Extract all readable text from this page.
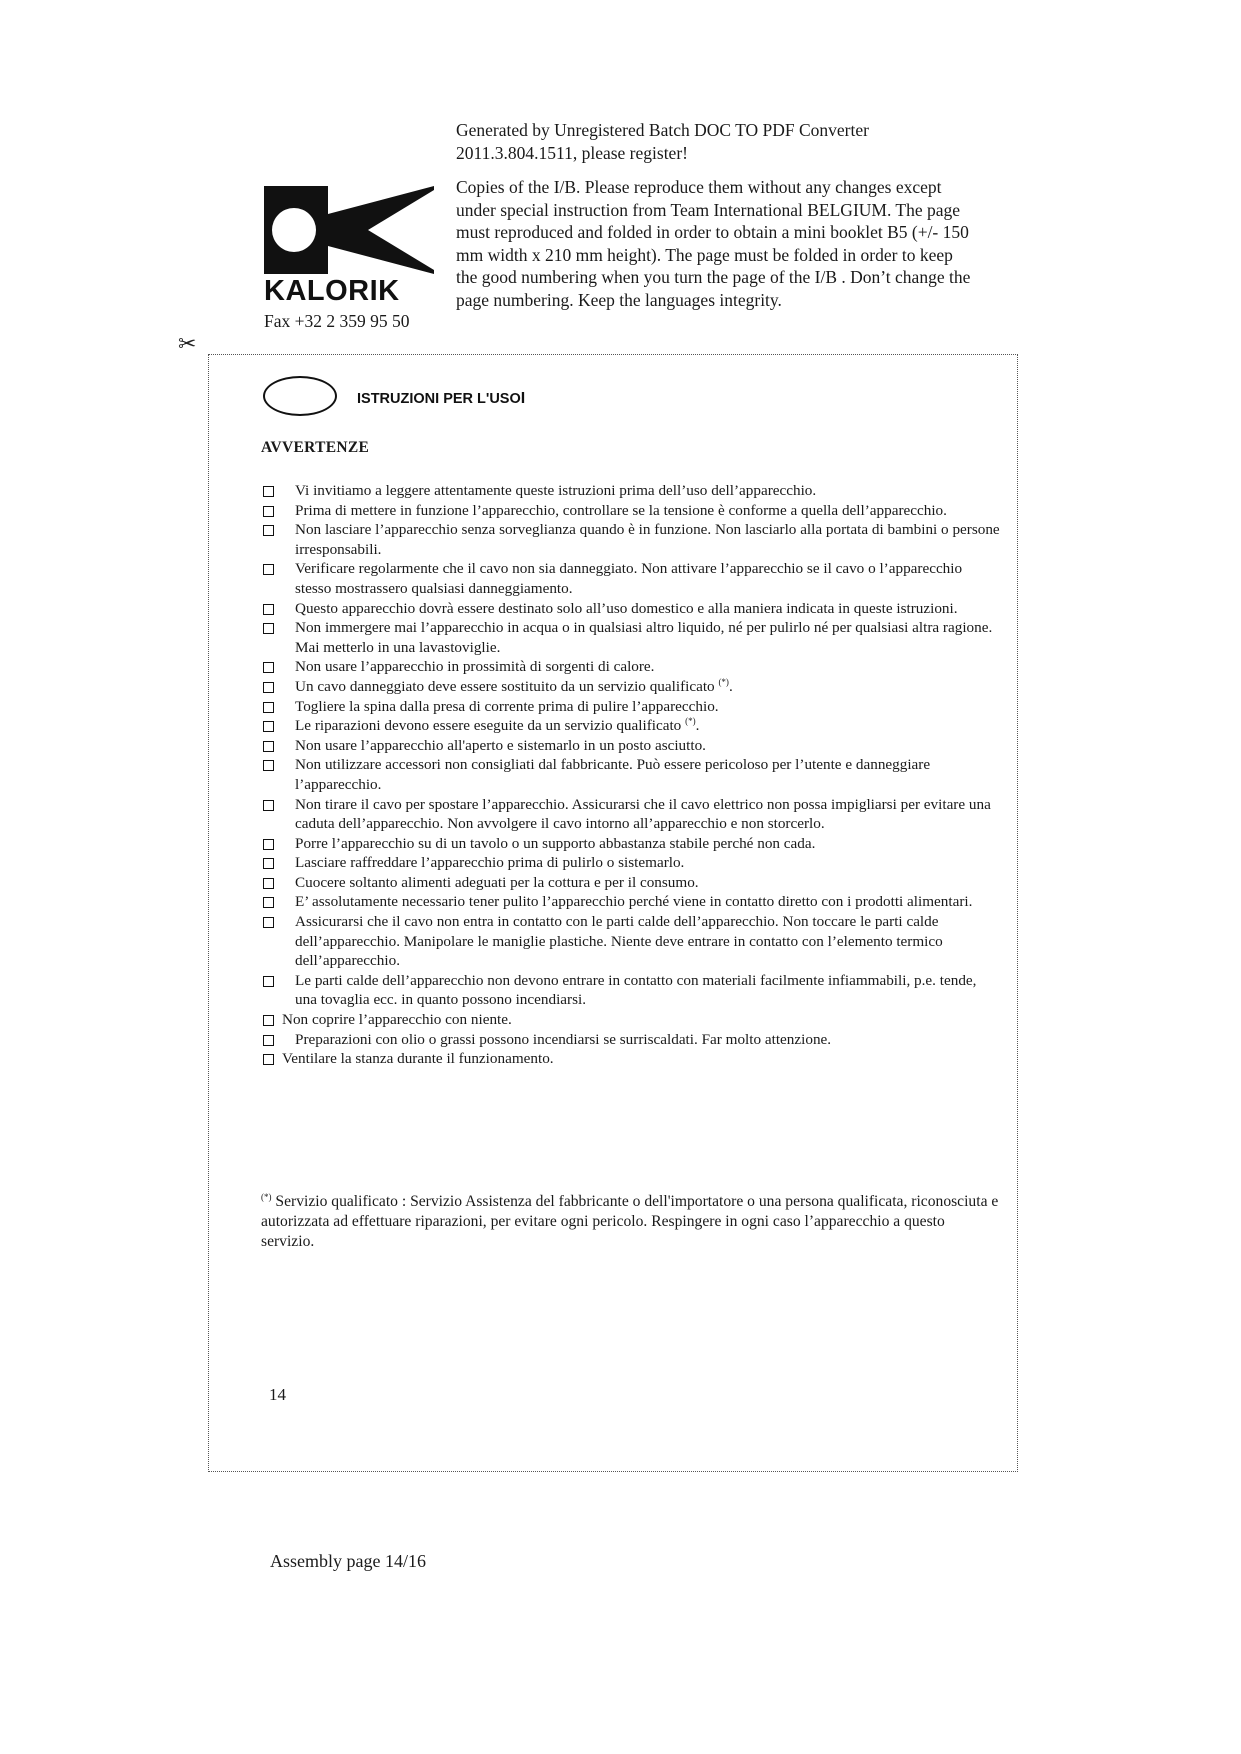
Generated by Unregistered Batch DOC TO PDF Converter

2011.3.804.1511, please register!

Copies of the I/B. Please reproduce them without any changes except under special instruction from Team International BELGIUM. The page must reproduced and folded in order to obtain a mini booklet B5 (+/- 150 mm width x 210 mm height). The page must be folded in order to keep the good numbering when you turn the page of the I/B . Don’t change the page numbering. Keep the languages integrity.

KALORIK
Fax +32 2 359 95 50
✂
ISTRUZIONI PER L'USOI
AVVERTENZE
Vi invitiamo a leggere attentamente queste istruzioni prima dell’uso dell’apparecchio.
Prima di mettere in funzione l’apparecchio, controllare se la tensione è conforme a quella dell’apparecchio.
Non lasciare l’apparecchio senza sorveglianza quando è in funzione. Non lasciarlo alla portata di bambini o persone irresponsabili.
Verificare regolarmente che il cavo non sia danneggiato. Non attivare l’apparecchio se il cavo o l’apparecchio stesso mostrassero qualsiasi danneggiamento.
Questo apparecchio dovrà essere destinato solo all’uso domestico e alla maniera indicata in queste istruzioni.
Non immergere mai l’apparecchio in acqua o in qualsiasi altro liquido, né per pulirlo né per qualsiasi altra ragione. Mai metterlo in una lavastoviglie.
Non usare l’apparecchio in prossimità di sorgenti di calore.
Un cavo danneggiato deve essere sostituito da un servizio qualificato (*).
Togliere la spina dalla presa di corrente prima di pulire l’apparecchio.
Le riparazioni devono essere eseguite da un servizio qualificato (*).
Non usare l’apparecchio all'aperto e sistemarlo in un posto asciutto.
Non utilizzare accessori non consigliati dal fabbricante. Può essere pericoloso per l’utente e danneggiare l’apparecchio.
Non tirare il cavo per spostare l’apparecchio. Assicurarsi che il cavo elettrico non possa impigliarsi per evitare una caduta dell’apparecchio. Non avvolgere il cavo intorno all’apparecchio e non storcerlo.
Porre l’apparecchio su di un tavolo o un supporto abbastanza stabile perché non cada.
Lasciare raffreddare l’apparecchio prima di pulirlo o sistemarlo.
Cuocere soltanto alimenti adeguati per la cottura e per il consumo.
E’ assolutamente necessario tener pulito l’apparecchio perché viene in contatto diretto con i prodotti alimentari.
Assicurarsi che il cavo non entra in contatto con le parti calde dell’apparecchio. Non toccare le parti calde dell’apparecchio. Manipolare le maniglie plastiche. Niente deve entrare in contatto con l’elemento termico dell’apparecchio.
Le parti calde dell’apparecchio non devono entrare in contatto con materiali facilmente infiammabili, p.e. tende, una tovaglia ecc. in quanto possono incendiarsi.
Non coprire l’apparecchio con niente.
Preparazioni con olio o grassi possono incendiarsi se surriscaldati. Far molto attenzione.
Ventilare la stanza durante il funzionamento.
(*) Servizio qualificato : Servizio Assistenza del fabbricante o dell'importatore o una persona qualificata, riconosciuta e autorizzata ad effettuare riparazioni, per evitare ogni pericolo. Respingere in ogni caso l’apparecchio a questo servizio.
14
Assembly page 14/16
